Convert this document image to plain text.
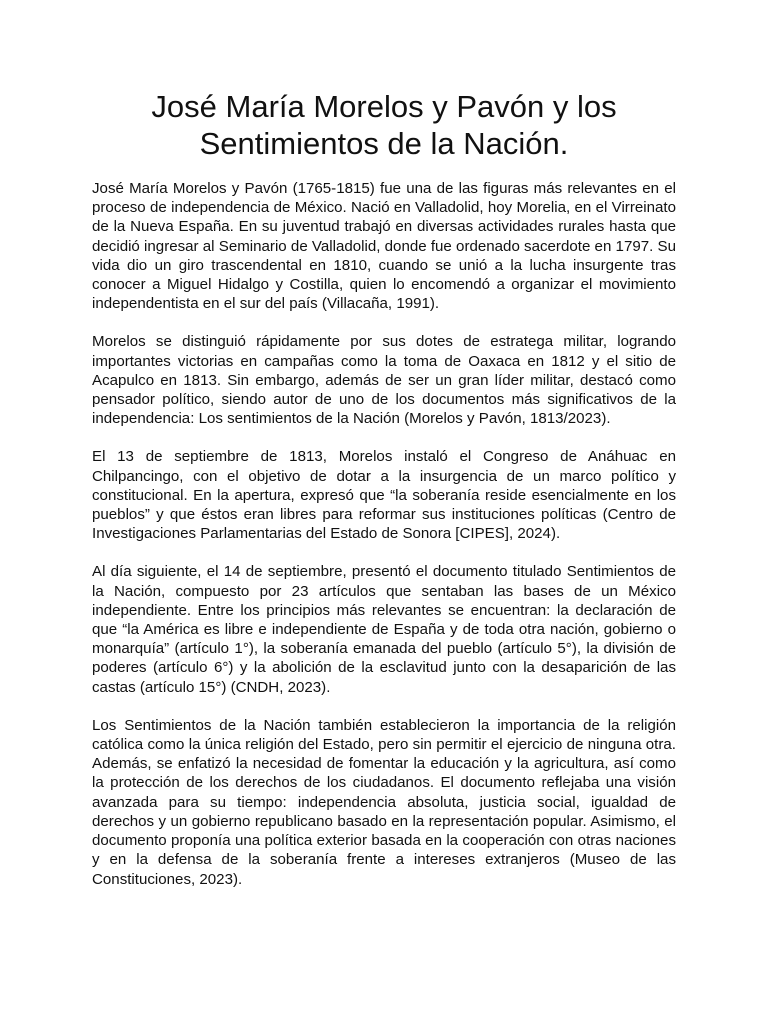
José María Morelos y Pavón y los
Sentimientos de la Nación.

José María Morelos y Pavón (1765-1815) fue una de las figuras más relevantes en el proceso de independencia de México. Nació en Valladolid, hoy Morelia, en el Virreinato de la Nueva España. En su juventud trabajó en diversas actividades rurales hasta que decidió ingresar al Seminario de Valladolid, donde fue ordenado sacerdote en 1797. Su vida dio un giro trascendental en 1810, cuando se unió a la lucha insurgente tras conocer a Miguel Hidalgo y Costilla, quien lo encomendó a organizar el movimiento independentista en el sur del país (Villacaña, 1991).

Morelos se distinguió rápidamente por sus dotes de estratega militar, logrando importantes victorias en campañas como la toma de Oaxaca en 1812 y el sitio de Acapulco en 1813. Sin embargo, además de ser un gran líder militar, destacó como pensador político, siendo autor de uno de los documentos más significativos de la independencia: Los sentimientos de la Nación (Morelos y Pavón, 1813/2023).

El 13 de septiembre de 1813, Morelos instaló el Congreso de Anáhuac en Chilpancingo, con el objetivo de dotar a la insurgencia de un marco político y constitucional. En la apertura, expresó que “la soberanía reside esencialmente en los pueblos” y que éstos eran libres para reformar sus instituciones políticas (Centro de Investigaciones Parlamentarias del Estado de Sonora [CIPES], 2024).

Al día siguiente, el 14 de septiembre, presentó el documento titulado Sentimientos de la Nación, compuesto por 23 artículos que sentaban las bases de un México independiente. Entre los principios más relevantes se encuentran: la declaración de que “la América es libre e independiente de España y de toda otra nación, gobierno o monarquía” (artículo 1°), la soberanía emanada del pueblo (artículo 5°), la división de poderes (artículo 6°) y la abolición de la esclavitud junto con la desaparición de las castas (artículo 15°) (CNDH, 2023).

Los Sentimientos de la Nación también establecieron la importancia de la religión católica como la única religión del Estado, pero sin permitir el ejercicio de ninguna otra. Además, se enfatizó la necesidad de fomentar la educación y la agricultura, así como la protección de los derechos de los ciudadanos. El documento reflejaba una visión avanzada para su tiempo: independencia absoluta, justicia social, igualdad de derechos y un gobierno republicano basado en la representación popular. Asimismo, el documento proponía una política exterior basada en la cooperación con otras naciones y en la defensa de la soberanía frente a intereses extranjeros (Museo de las Constituciones, 2023).
